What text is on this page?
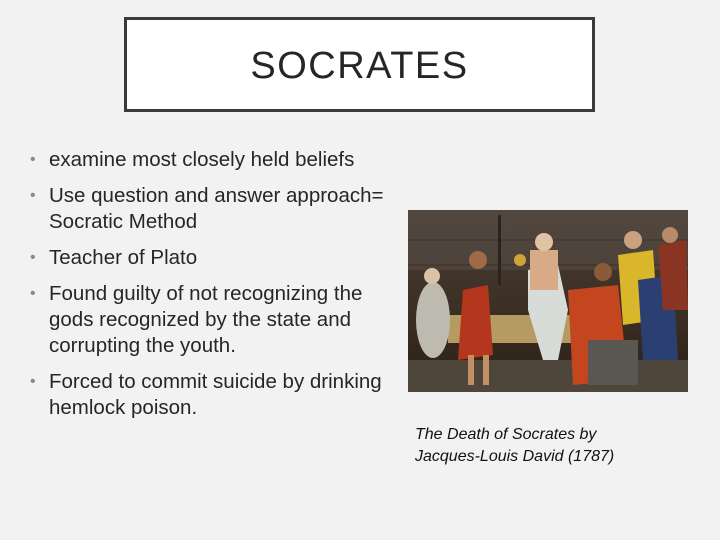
SOCRATES
• examine most closely held beliefs
• Use question and answer approach= Socratic Method
• Teacher of Plato
• Found guilty of not recognizing the gods recognized by the state and corrupting the youth.
• Forced to commit suicide by drinking hemlock poison.
The Death of Socrates by
Jacques-Louis David (1787)
